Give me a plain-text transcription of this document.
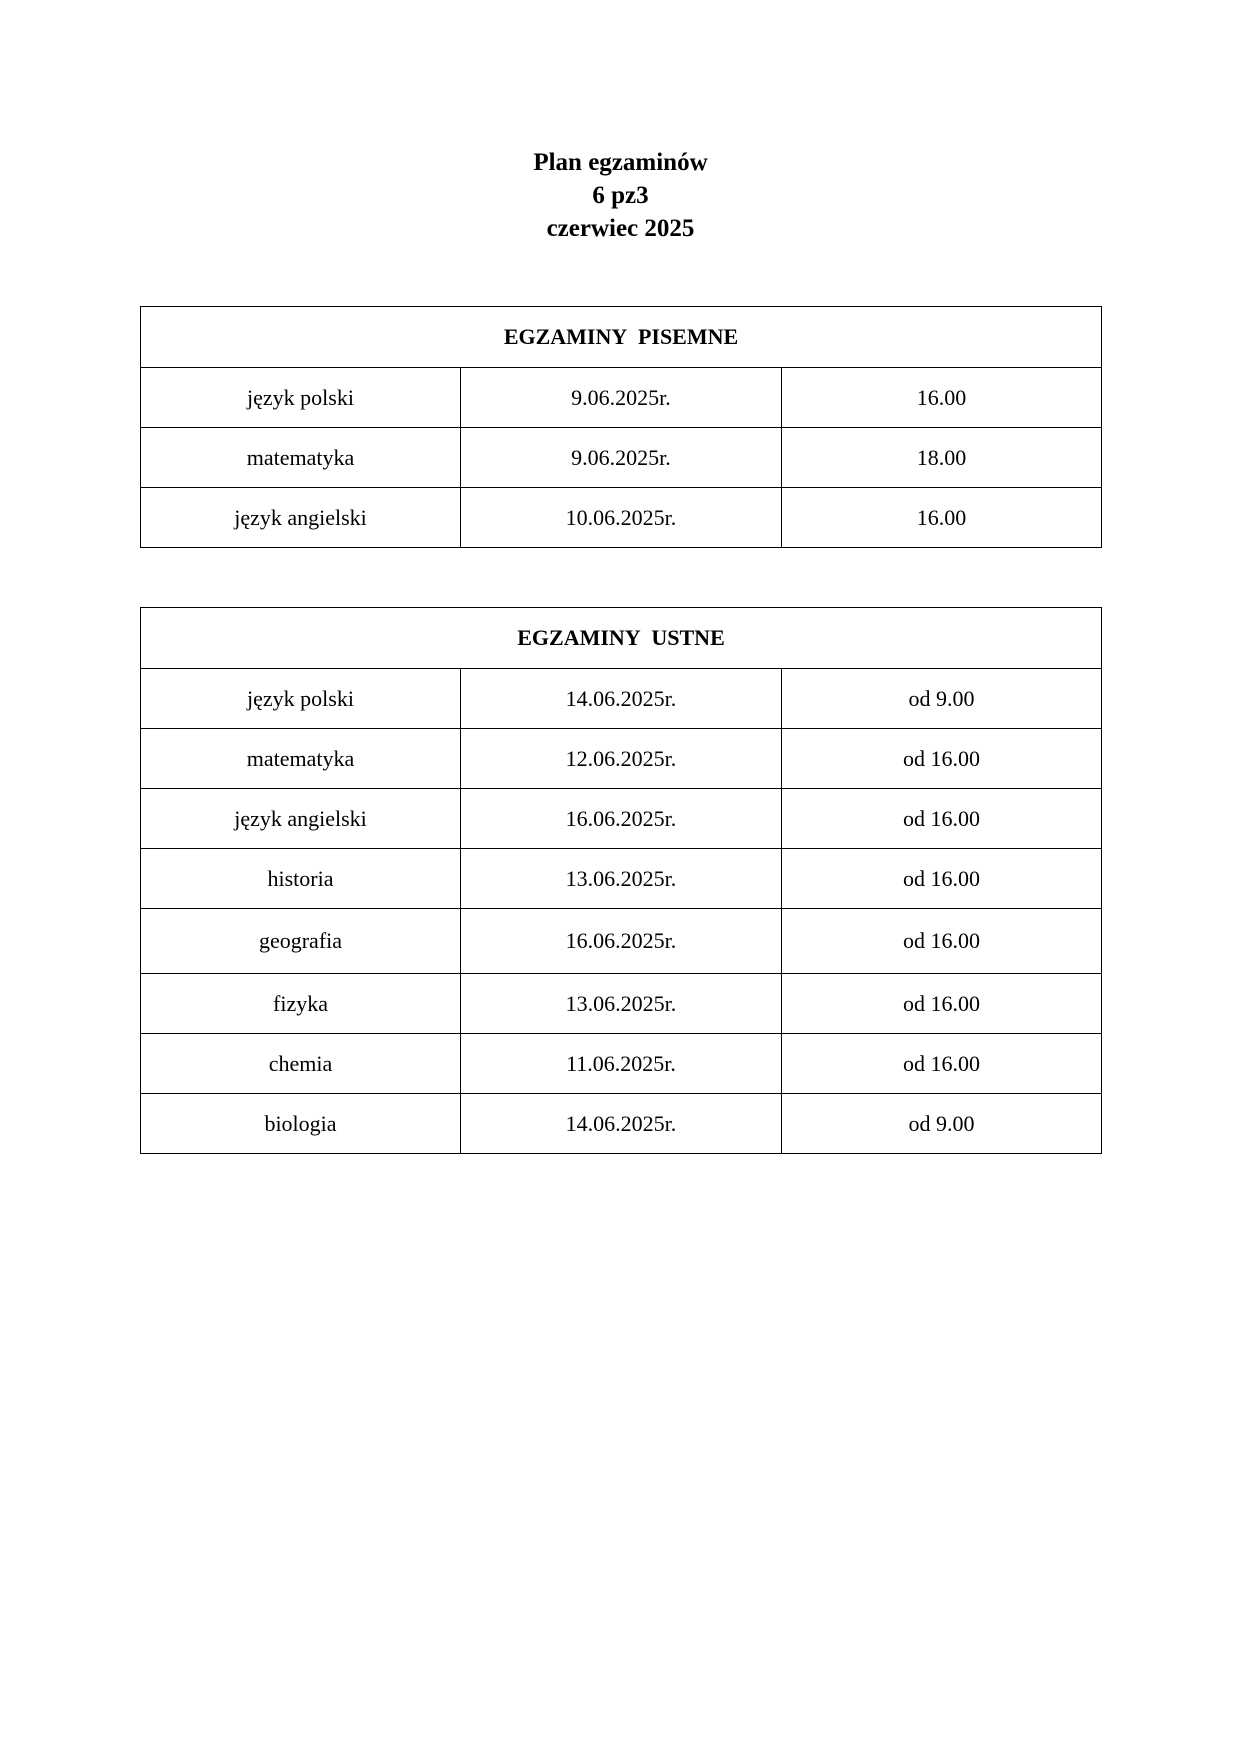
Plan egzaminów
6 pz3
czerwiec 2025
EGZAMINY PISEMNE		
język polski	9.06.2025r.	16.00
matematyka	9.06.2025r.	18.00
język angielski	10.06.2025r.	16.00
EGZAMINY USTNE		
język polski	14.06.2025r.	od 9.00
matematyka	12.06.2025r.	od 16.00
język angielski	16.06.2025r.	od 16.00
historia	13.06.2025r.	od 16.00
geografia	16.06.2025r.	od 16.00
fizyka	13.06.2025r.	od 16.00
chemia	11.06.2025r.	od 16.00
biologia	14.06.2025r.	od 9.00
